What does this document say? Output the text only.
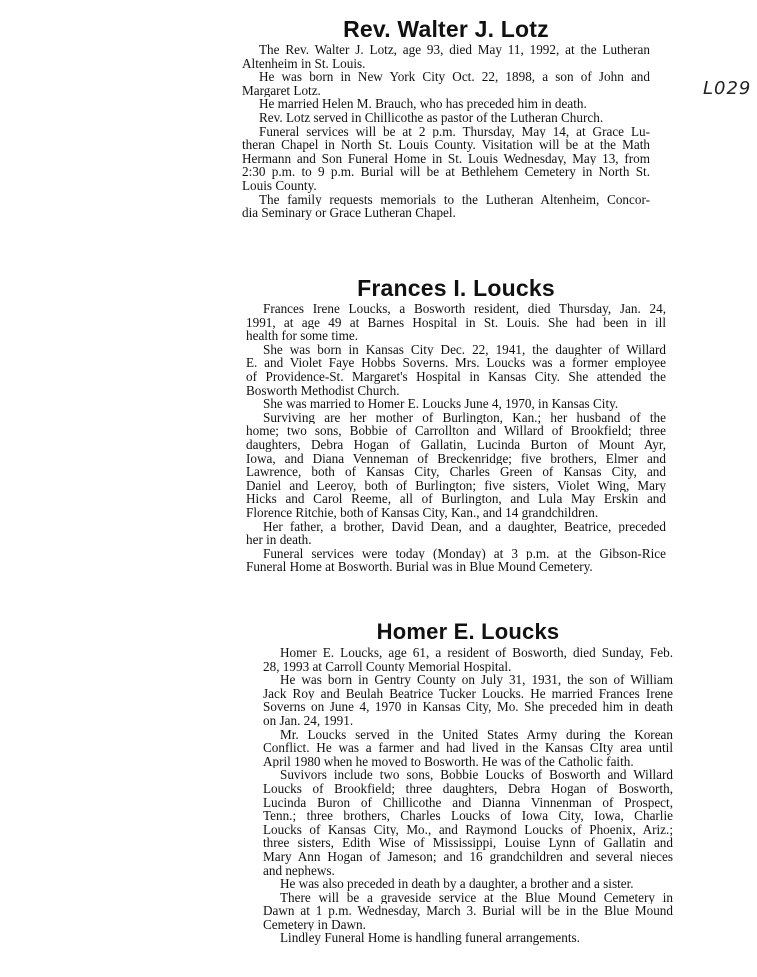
Rev. Walter J. Lotz
The Rev. Walter J. Lotz, age 93, died May 11, 1992, at the Lutheran
Altenheim in St. Louis.
He was born in New York City Oct. 22, 1898, a son of John and
Margaret Lotz.
He married Helen M. Brauch, who has preceded him in death.
Rev. Lotz served in Chillicothe as pastor of the Lutheran Church.
Funeral services will be at 2 p.m. Thursday, May 14, at Grace Lu-
theran Chapel in North St. Louis County. Visitation will be at the Math
Hermann and Son Funeral Home in St. Louis Wednesday, May 13, from
2:30 p.m. to 9 p.m. Burial will be at Bethlehem Cemetery in North St.
Louis County.
The family requests memorials to the Lutheran Altenheim, Concor-
dia Seminary or Grace Lutheran Chapel.
L029
Frances I. Loucks
Frances Irene Loucks, a Bosworth resident, died Thursday, Jan. 24,
1991, at age 49 at Barnes Hospital in St. Louis. She had been in ill
health for some time.
She was born in Kansas City Dec. 22, 1941, the daughter of Willard
E. and Violet Faye Hobbs Soverns. Mrs. Loucks was a former employee
of Providence-St. Margaret's Hospital in Kansas City. She attended the
Bosworth Methodist Church.
She was married to Homer E. Loucks June 4, 1970, in Kansas City.
Surviving are her mother of Burlington, Kan.; her husband of the
home; two sons, Bobbie of Carrollton and Willard of Brookfield; three
daughters, Debra Hogan of Gallatin, Lucinda Burton of Mount Ayr,
Iowa, and Diana Venneman of Breckenridge; five brothers, Elmer and
Lawrence, both of Kansas City, Charles Green of Kansas City, and
Daniel and Leeroy, both of Burlington; five sisters, Violet Wing, Mary
Hicks and Carol Reeme, all of Burlington, and Lula May Erskin and
Florence Ritchie, both of Kansas City, Kan., and 14 grandchildren.
Her father, a brother, David Dean, and a daughter, Beatrice, preceded
her in death.
Funeral services were today (Monday) at 3 p.m. at the Gibson-Rice
Funeral Home at Bosworth. Burial was in Blue Mound Cemetery.
Homer E. Loucks
Homer E. Loucks, age 61, a resident of Bosworth, died Sunday, Feb.
28, 1993 at Carroll County Memorial Hospital.
He was born in Gentry County on July 31, 1931, the son of William
Jack Roy and Beulah Beatrice Tucker Loucks. He married Frances Irene
Soverns on June 4, 1970 in Kansas City, Mo. She preceded him in death
on Jan. 24, 1991.
Mr. Loucks served in the United States Army during the Korean
Conflict. He was a farmer and had lived in the Kansas CIty area until
April 1980 when he moved to Bosworth. He was of the Catholic faith.
Suvivors include two sons, Bobbie Loucks of Bosworth and Willard
Loucks of Brookfield; three daughters, Debra Hogan of Bosworth,
Lucinda Buron of Chillicothe and Dianna Vinnenman of Prospect,
Tenn.; three brothers, Charles Loucks of Iowa City, Iowa, Charlie
Loucks of Kansas City, Mo., and Raymond Loucks of Phoenix, Ariz.;
three sisters, Edith Wise of Mississippi, Louise Lynn of Gallatin and
Mary Ann Hogan of Jameson; and 16 grandchildren and several nieces
and nephews.
He was also preceded in death by a daughter, a brother and a sister.
There will be a graveside service at the Blue Mound Cemetery in
Dawn at 1 p.m. Wednesday, March 3. Burial will be in the Blue Mound
Cemetery in Dawn.
Lindley Funeral Home is handling funeral arrangements.
